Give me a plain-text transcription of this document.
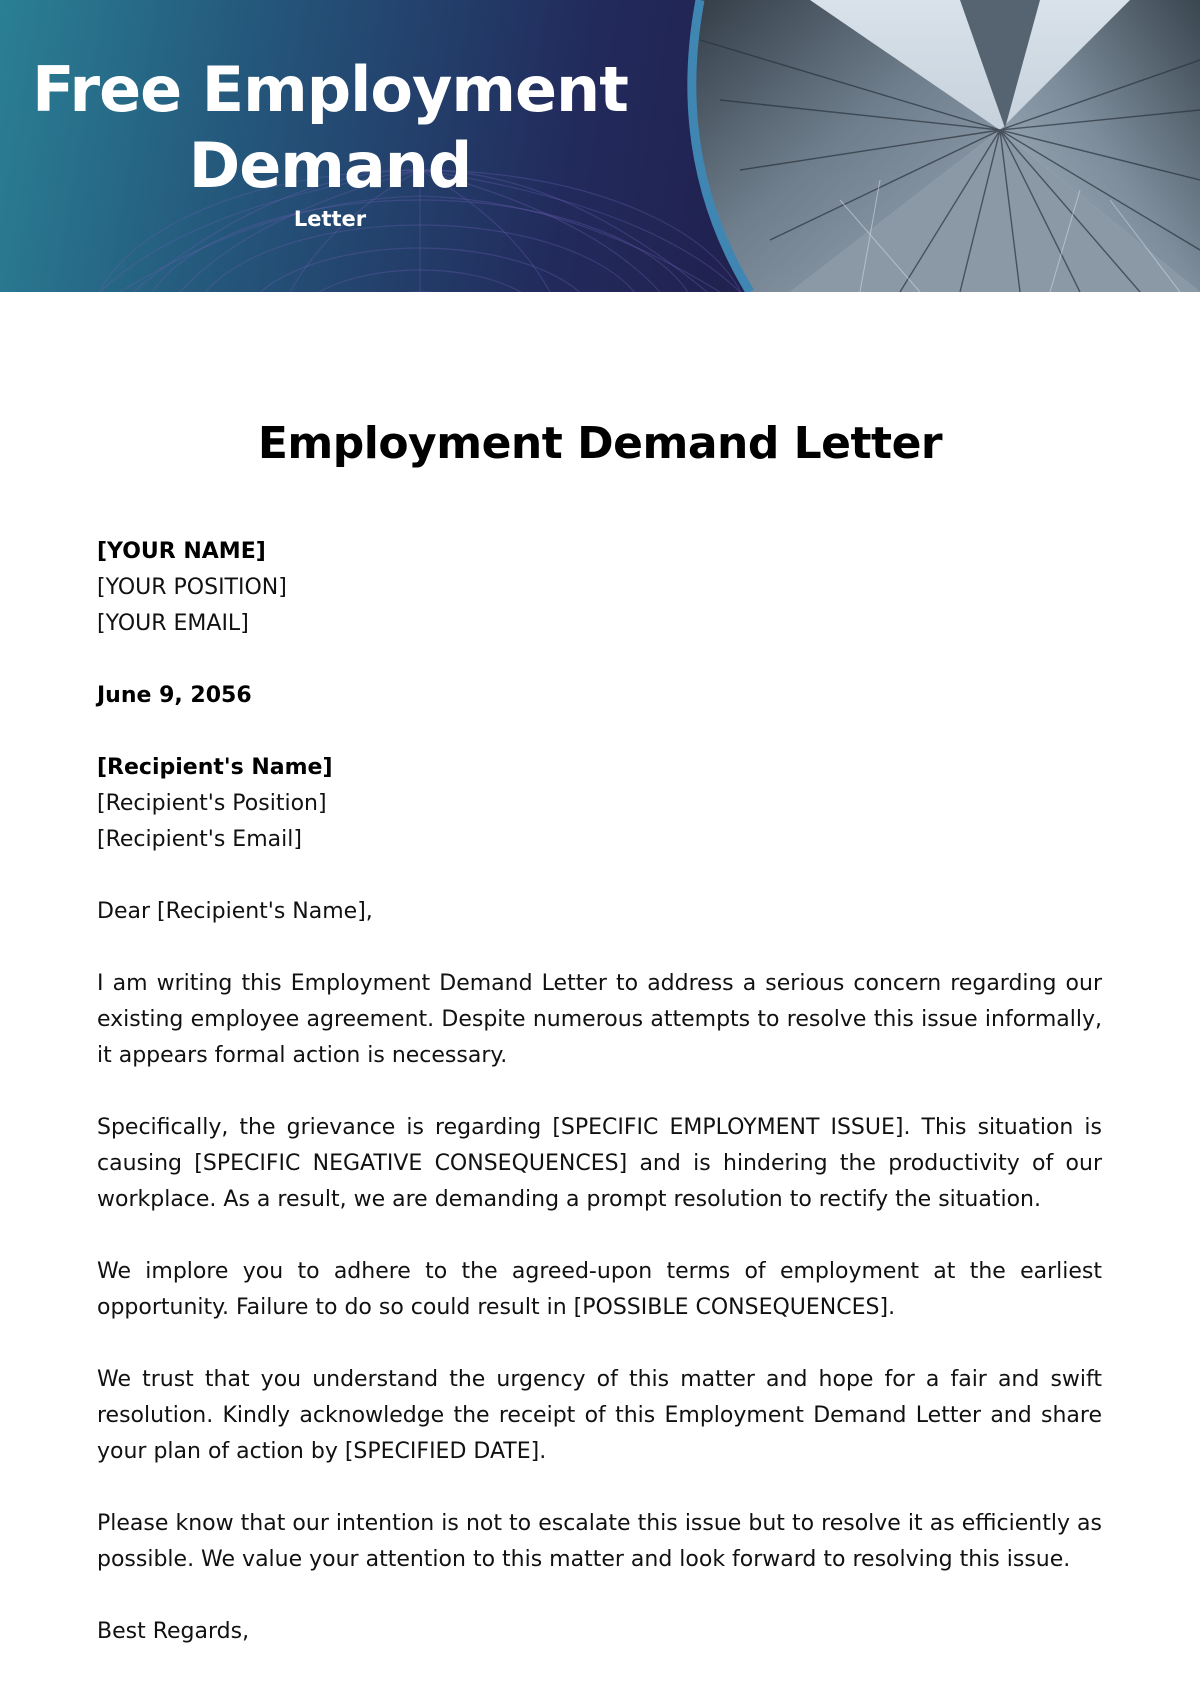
Free Employment
Demand
Letter
Employment Demand Letter
[YOUR NAME]
[YOUR POSITION]
[YOUR EMAIL]
June 9, 2056
[Recipient's Name]
[Recipient's Position]
[Recipient's Email]
Dear [Recipient's Name],

I am writing this Employment Demand Letter to address a serious concern regarding our existing employee agreement. Despite numerous attempts to resolve this issue informally, it appears formal action is necessary.

Specifically, the grievance is regarding [SPECIFIC EMPLOYMENT ISSUE]. This situation is causing [SPECIFIC NEGATIVE CONSEQUENCES] and is hindering the productivity of our workplace. As a result, we are demanding a prompt resolution to rectify the situation.

We implore you to adhere to the agreed-upon terms of employment at the earliest opportunity. Failure to do so could result in [POSSIBLE CONSEQUENCES].

We trust that you understand the urgency of this matter and hope for a fair and swift resolution. Kindly acknowledge the receipt of this Employment Demand Letter and share your plan of action by [SPECIFIED DATE].

Please know that our intention is not to escalate this issue but to resolve it as efficiently as possible. We value your attention to this matter and look forward to resolving this issue.

Best Regards,
